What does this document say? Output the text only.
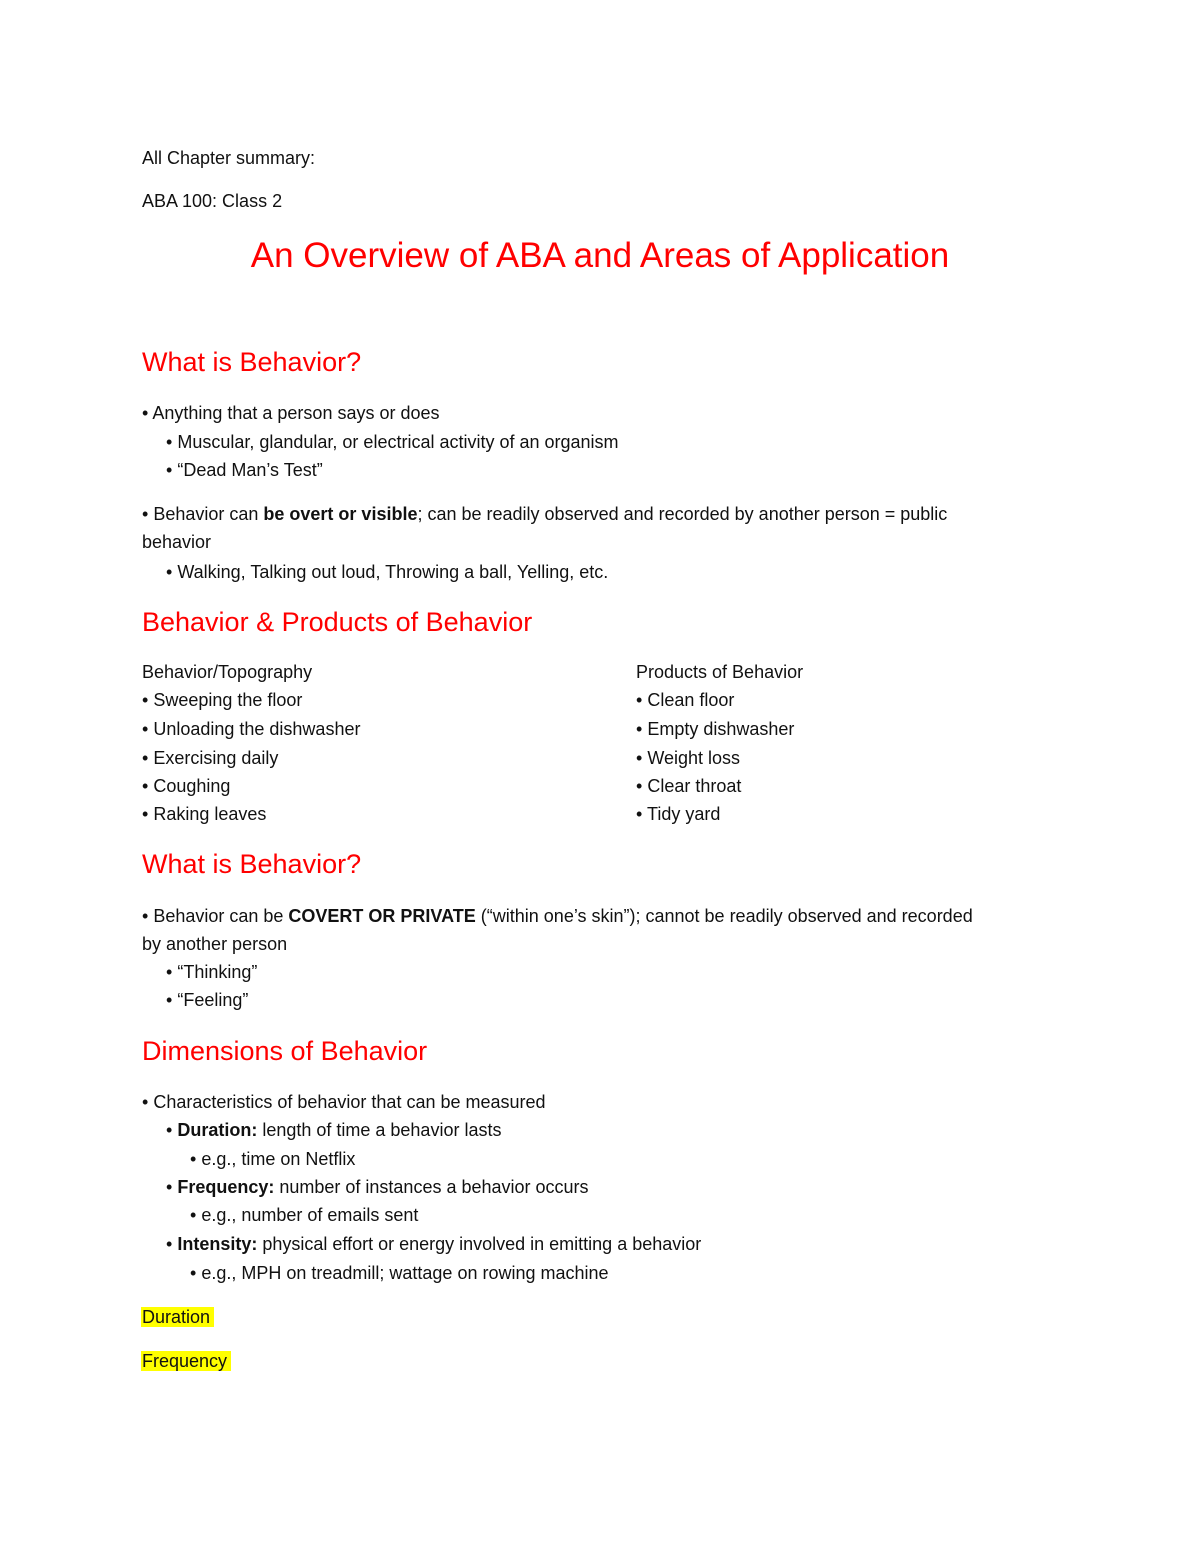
All Chapter summary:
ABA 100: Class 2
An Overview of ABA and Areas of Application
What is Behavior?
• Anything that a person says or does
• Muscular, glandular, or electrical activity of an organism
• “Dead Man’s Test”
• Behavior can be overt or visible; can be readily observed and recorded by another person = public
behavior
• Walking, Talking out loud, Throwing a ball, Yelling, etc.
Behavior & Products of Behavior
Behavior/Topography	Products of Behavior
• Sweeping the floor
• Unloading the dishwasher
• Exercising daily
• Coughing
• Raking leaves
• Clean floor
• Empty dishwasher
• Weight loss
• Clear throat
• Tidy yard
What is Behavior?
• Behavior can be COVERT OR PRIVATE (“within one’s skin”); cannot be readily observed and recorded
by another person
• “Thinking”
• “Feeling”
Dimensions of Behavior
• Characteristics of behavior that can be measured
• Duration: length of time a behavior lasts
• e.g., time on Netflix
• Frequency: number of instances a behavior occurs
• e.g., number of emails sent
• Intensity: physical effort or energy involved in emitting a behavior
• e.g., MPH on treadmill; wattage on rowing machine
Duration
Frequency
